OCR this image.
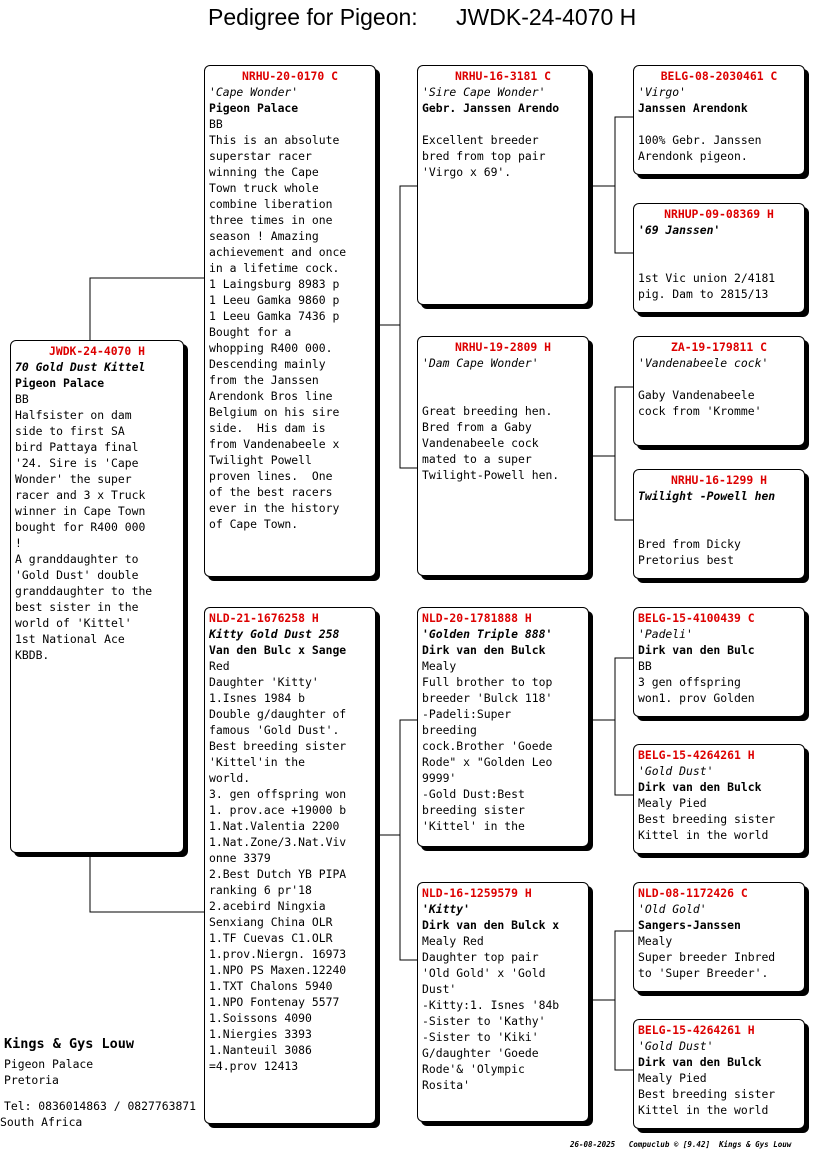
Pedigree for Pigeon: JWDK-24-4070 H
JWDK-24-4070 H
70 Gold Dust Kittel
Pigeon Palace
BB
Halfsister on dam
side to first SA
bird Pattaya final
'24. Sire is 'Cape
Wonder' the super
racer and 3 x Truck
winner in Cape Town
bought for R400 000
!
A granddaughter to
'Gold Dust' double
granddaughter to the
best sister in the
world of 'Kittel'
1st National Ace
KBDB.
NRHU-20-0170 C
'Cape Wonder'
Pigeon Palace
BB
This is an absolute
superstar racer
winning the Cape
Town truck whole
combine liberation
three times in one
season ! Amazing
achievement and once
in a lifetime cock.
1 Laingsburg 8983 p
1 Leeu Gamka 9860 p
1 Leeu Gamka 7436 p
Bought for a
whopping R400 000.
Descending mainly
from the Janssen
Arendonk Bros line
Belgium on his sire
side.  His dam is
from Vandenabeele x
Twilight Powell
proven lines.  One
of the best racers
ever in the history
of Cape Town.
NLD-21-1676258 H
Kitty Gold Dust 258
Van den Bulc x Sange
Red
Daughter 'Kitty'
1.Isnes 1984 b
Double g/daughter of
famous 'Gold Dust'.
Best breeding sister
'Kittel'in the
world.
3. gen offspring won
1. prov.ace +19000 b
1.Nat.Valentia 2200
1.Nat.Zone/3.Nat.Viv
onne 3379
2.Best Dutch YB PIPA
ranking 6 pr'18
2.acebird Ningxia
Senxiang China OLR
1.TF Cuevas C1.OLR
1.prov.Niergn. 16973
1.NPO PS Maxen.12240
1.TXT Chalons 5940
1.NPO Fontenay 5577
1.Soissons 4090
1.Niergies 3393
1.Nanteuil 3086
=4.prov 12413
NRHU-16-3181 C
'Sire Cape Wonder'
Gebr. Janssen Arendo
Excellent breeder
bred from top pair
'Virgo x 69'.
NRHU-19-2809 H
'Dam Cape Wonder'
Great breeding hen.
Bred from a Gaby
Vandenabeele cock
mated to a super
Twilight-Powell hen.
NLD-20-1781888 H
'Golden Triple 888'
Dirk van den Bulck
Mealy
Full brother to top
breeder 'Bulck 118'
-Padeli:Super
breeding
cock.Brother 'Goede
Rode" x "Golden Leo
9999'
-Gold Dust:Best
breeding sister
'Kittel' in the
NLD-16-1259579 H
'Kitty'
Dirk van den Bulck x
Mealy Red
Daughter top pair
'Old Gold' x 'Gold
Dust'
-Kitty:1. Isnes '84b
-Sister to 'Kathy'
-Sister to 'Kiki'
G/daughter 'Goede
Rode'& 'Olympic
Rosita'
BELG-08-2030461 C
'Virgo'
Janssen Arendonk
100% Gebr. Janssen
Arendonk pigeon.
NRHUP-09-08369 H
'69 Janssen'
1st Vic union 2/4181
pig. Dam to 2815/13
ZA-19-179811 C
'Vandenabeele cock'
Gaby Vandenabeele
cock from 'Kromme'
NRHU-16-1299 H
Twilight -Powell hen
Bred from Dicky
Pretorius best
BELG-15-4100439 C
'Padeli'
Dirk van den Bulc
BB
3 gen offspring
won1. prov Golden
BELG-15-4264261 H
'Gold Dust'
Dirk van den Bulck
Mealy Pied
Best breeding sister
Kittel in the world
NLD-08-1172426 C
'Old Gold'
Sangers-Janssen
Mealy
Super breeder Inbred
to 'Super Breeder'.
BELG-15-4264261 H
'Gold Dust'
Dirk van den Bulck
Mealy Pied
Best breeding sister
Kittel in the world
Kings & Gys Louw
Pigeon Palace
Pretoria
Tel: 0836014863 / 0827763871
South Africa
26-08-2025   Compuclub © [9.42]  Kings & Gys Louw
